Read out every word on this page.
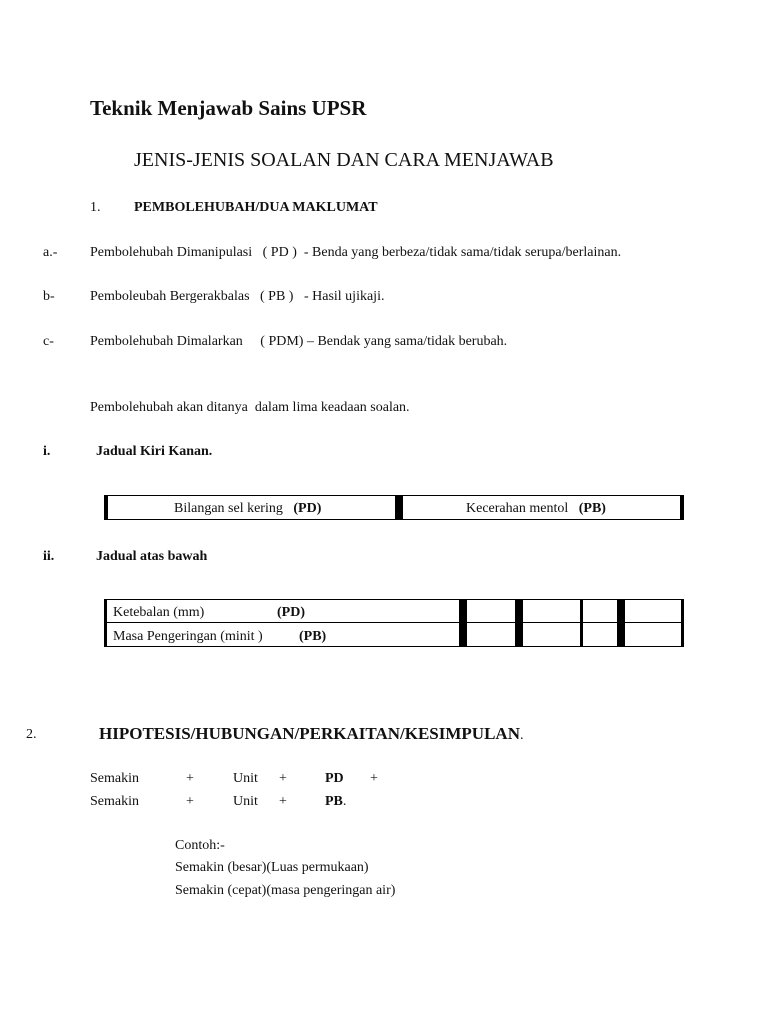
Teknik Menjawab Sains UPSR
JENIS-JENIS SOALAN DAN CARA MENJAWAB
1. PEMBOLEHUBAH/DUA MAKLUMAT
a.- Pembolehubah Dimanipulasi   ( PD )  - Benda yang berbeza/tidak sama/tidak serupa/berlainan.
b-	Pemboleubah Bergerakbalas   ( PB )   - Hasil ujikaji.
c-	Pembolehubah Dimalarkan     ( PDM) – Bendak yang sama/tidak berubah.
Pembolehubah akan ditanya  dalam lima keadaan soalan.
i.	Jadual Kiri Kanan.
Bilangan sel kering (PD)	Kecerahan mentol (PB)
ii.	Jadual atas bawah
Ketebalan (mm)	(PD)
Masa Pengeringan (minit )	(PB)
2.	HIPOTESIS/HUBUNGAN/PERKAITAN/KESIMPULAN.
Semakin	+	Unit +	PD +
Semakin	+	Unit +	PB.
Contoh:-
Semakin (besar)(Luas permukaan)
Semakin (cepat)(masa pengeringan air)
